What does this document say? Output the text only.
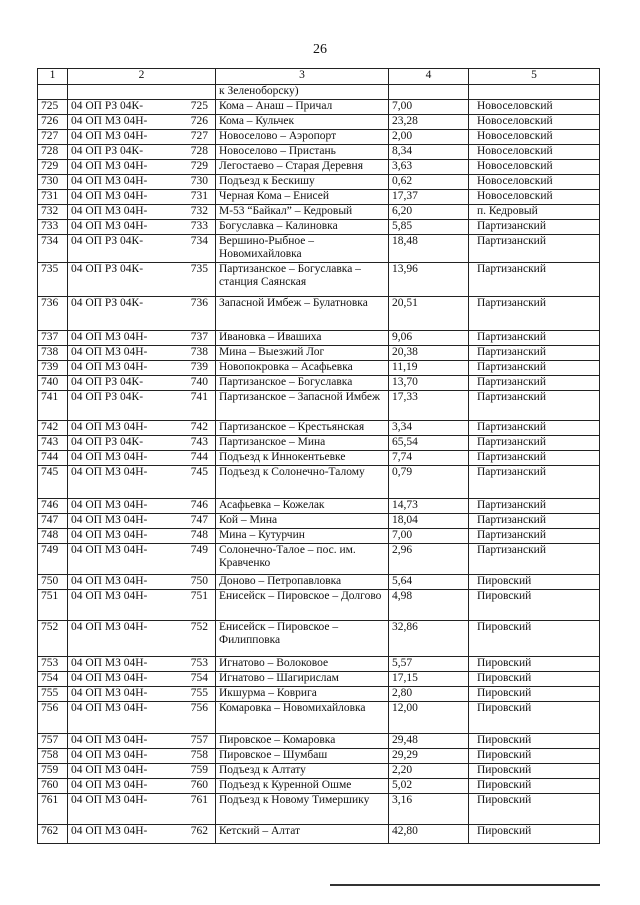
26
1	2	3	4	5
		к Зеленоборску)		
725	04 ОП РЗ 04К- 725	Кома – Анаш – Причал	7,00	Новоселовский
726	04 ОП МЗ 04Н- 726	Кома – Кульчек	23,28	Новоселовский
727	04 ОП МЗ 04Н- 727	Новоселово – Аэропорт	2,00	Новоселовский
728	04 ОП РЗ 04К- 728	Новоселово – Пристань	8,34	Новоселовский
729	04 ОП МЗ 04Н- 729	Легостаево – Старая Деревня	3,63	Новоселовский
730	04 ОП МЗ 04Н- 730	Подъезд к Бескишу	0,62	Новоселовский
731	04 ОП МЗ 04Н- 731	Черная Кома – Енисей	17,37	Новоселовский
732	04 ОП МЗ 04Н- 732	М-53 “Байкал” – Кедровый	6,20	п. Кедровый
733	04 ОП МЗ 04Н- 733	Богуславка – Калиновка	5,85	Партизанский
734	04 ОП РЗ 04К- 734	Вершино-Рыбное – Новомихайловка	18,48	Партизанский
735	04 ОП РЗ 04К- 735	Партизанское – Богуславка – станция Саянская	13,96	Партизанский
736	04 ОП РЗ 04К- 736	Запасной Имбеж – Булатновка	20,51	Партизанский
737	04 ОП МЗ 04Н- 737	Ивановка – Ивашиха	9,06	Партизанский
738	04 ОП МЗ 04Н- 738	Мина – Выезжий Лог	20,38	Партизанский
739	04 ОП МЗ 04Н- 739	Новопокровка – Асафьевка	11,19	Партизанский
740	04 ОП РЗ 04К- 740	Партизанское – Богуславка	13,70	Партизанский
741	04 ОП РЗ 04К- 741	Партизанское – Запасной Имбеж	17,33	Партизанский
742	04 ОП МЗ 04Н- 742	Партизанское – Крестьянская	3,34	Партизанский
743	04 ОП РЗ 04К- 743	Партизанское – Мина	65,54	Партизанский
744	04 ОП МЗ 04Н- 744	Подъезд к Иннокентьевке	7,74	Партизанский
745	04 ОП МЗ 04Н- 745	Подъезд к Солонечно-Талому	0,79	Партизанский
746	04 ОП МЗ 04Н- 746	Асафьевка – Кожелак	14,73	Партизанский
747	04 ОП МЗ 04Н- 747	Кой – Мина	18,04	Партизанский
748	04 ОП МЗ 04Н- 748	Мина – Кутурчин	7,00	Партизанский
749	04 ОП МЗ 04Н- 749	Солонечно-Талое – пос. им. Кравченко	2,96	Партизанский
750	04 ОП МЗ 04Н- 750	Доново – Петропавловка	5,64	Пировский
751	04 ОП МЗ 04Н- 751	Енисейск – Пировское – Долгово	4,98	Пировский
752	04 ОП МЗ 04Н- 752	Енисейск – Пировское – Филипповка	32,86	Пировский
753	04 ОП МЗ 04Н- 753	Игнатово – Волоковое	5,57	Пировский
754	04 ОП МЗ 04Н- 754	Игнатово – Шагирислам	17,15	Пировский
755	04 ОП МЗ 04Н- 755	Икшурма – Коврига	2,80	Пировский
756	04 ОП МЗ 04Н- 756	Комаровка – Новомихайловка	12,00	Пировский
757	04 ОП МЗ 04Н- 757	Пировское – Комаровка	29,48	Пировский
758	04 ОП МЗ 04Н- 758	Пировское – Шумбаш	29,29	Пировский
759	04 ОП МЗ 04Н- 759	Подъезд к Алтату	2,20	Пировский
760	04 ОП МЗ 04Н- 760	Подъезд к Куренной Ошме	5,02	Пировский
761	04 ОП МЗ 04Н- 761	Подъезд к Новому Тимершику	3,16	Пировский
762	04 ОП МЗ 04Н- 762	Кетский – Алтат	42,80	Пировский
